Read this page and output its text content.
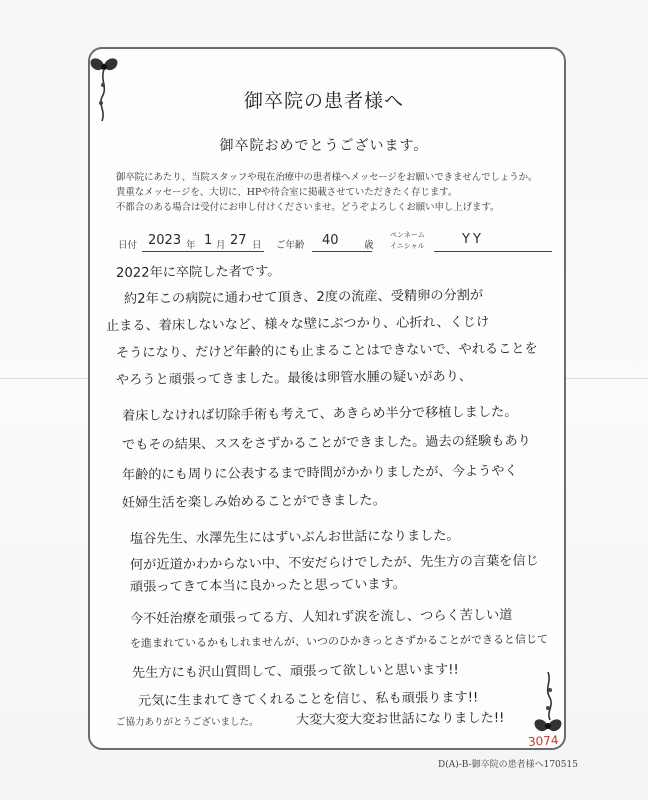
御卒院の患者様へ
御卒院おめでとうございます。
御卒院にあたり、当院スタッフや現在治療中の患者様へメッセージをお願いできませんでしょうか。
貴重なメッセージを、大切に、HPや待合室に掲載させていただきたく存じます。
不都合のある場合は受付にお申し付けくださいませ。どうぞよろしくお願い申し上げます。
日付 2023 年 1 月 27 日 ご年齢 40	歳
ペンネーム
イニシャル	YY
2022年に卒院した者です。
約2年この病院に通わせて頂き、2度の流産、受精卵の分割が
止まる、着床しないなど、様々な壁にぶつかり、心折れ、くじけ
そうになり、だけど年齢的にも止まることはできないで、やれることを
やろうと頑張ってきました。最後は卵管水腫の疑いがあり、
着床しなければ切除手術も考えて、あきらめ半分で移植しました。
でもその結果、ススをさずかることができました。過去の経験もあり
年齢的にも周りに公表するまで時間がかかりましたが、今ようやく
妊婦生活を楽しみ始めることができました。
塩谷先生、水澤先生にはずいぶんお世話になりました。
何が近道かわからない中、不安だらけでしたが、先生方の言葉を信じ
頑張ってきて本当に良かったと思っています。
今不妊治療を頑張ってる方、人知れず涙を流し、つらく苦しい道
を進まれているかもしれませんが、いつのひかきっとさずかることができると信じて
先生方にも沢山質問して、頑張って欲しいと思います!!
元気に生まれてきてくれることを信じ、私も頑張ります!!
大変大変大変お世話になりました!!
ご協力ありがとうございました。
3074
D(A)-B-御卒院の患者様へ170515
